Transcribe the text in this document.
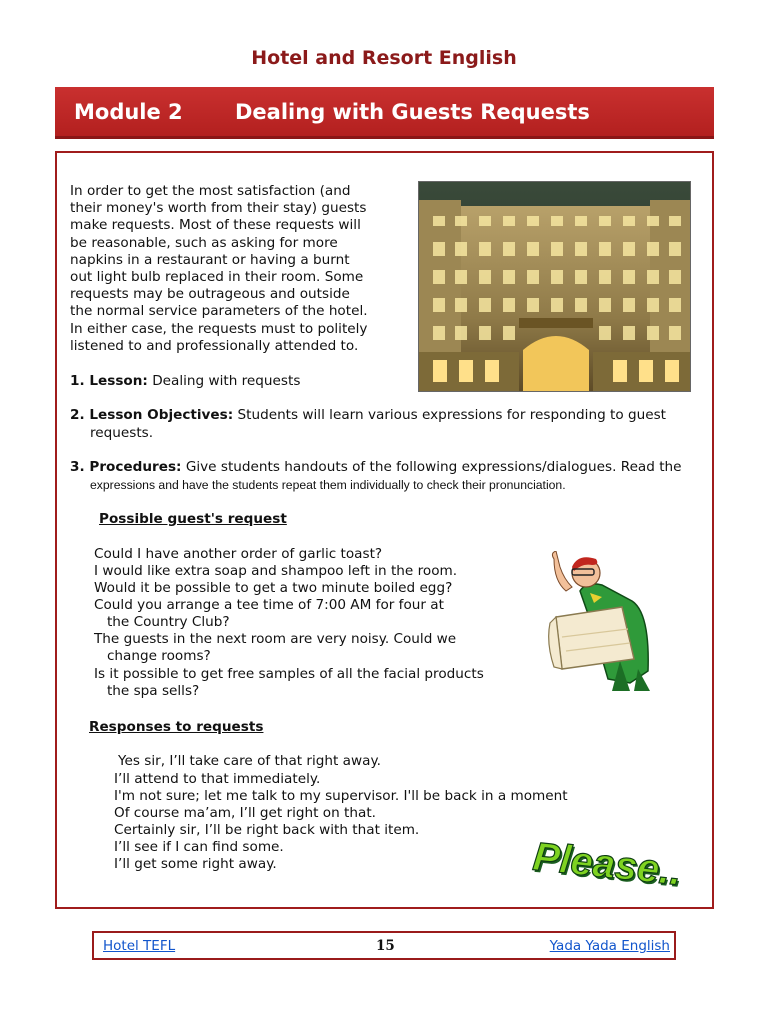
Hotel and Resort English
Module 2 Dealing with Guests Requests
In order to get the most satisfaction (and
their money's worth from their stay) guests
make requests. Most of these requests will
be reasonable, such as asking for more
napkins in a restaurant or having a burnt
out light bulb replaced in their room. Some
requests may be outrageous and outside
the normal service parameters of the hotel.
In either case, the requests must to politely
listened to and professionally attended to.
1. Lesson: Dealing with requests
2. Lesson Objectives: Students will learn various expressions for responding to guest
requests.
3. Procedures: Give students handouts of the following expressions/dialogues. Read the
expressions and have the students repeat them individually to check their pronunciation.
Possible guest's request
Could I have another order of garlic toast?
I would like extra soap and shampoo left in the room.
Would it be possible to get a two minute boiled egg?
Could you arrange a tee time of 7:00 AM for four at
the Country Club?
The guests in the next room are very noisy. Could we
change rooms?
Is it possible to get free samples of all the facial products
the spa sells?
Responses to requests
Yes sir, I’ll take care of that right away.
I’ll attend to that immediately.
I'm not sure; let me talk to my supervisor. I'll be back in a moment
Of course ma’am, I’ll get right on that.
Certainly sir, I’ll be right back with that item.
I’ll see if I can find some.
I’ll get some right away.	Please...
Please...
Hotel TEFL	15	Yada Yada English
